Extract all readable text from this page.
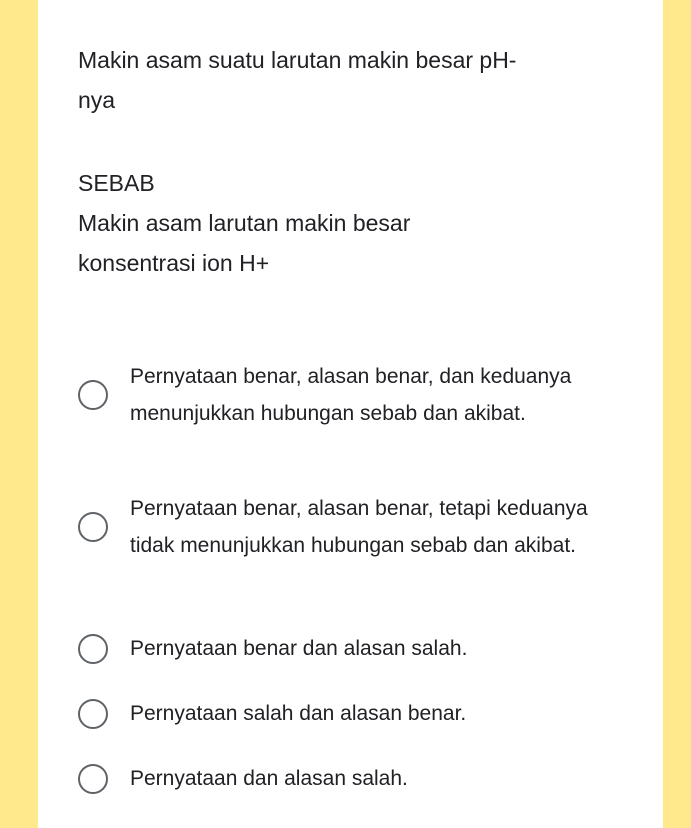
Makin asam suatu larutan makin besar pH-
nya
SEBAB
Makin asam larutan makin besar
konsentrasi ion H+
Pernyataan benar, alasan benar, dan keduanya menunjukkan hubungan sebab dan akibat.
Pernyataan benar, alasan benar, tetapi keduanya tidak menunjukkan hubungan sebab dan akibat.
Pernyataan benar dan alasan salah.
Pernyataan salah dan alasan benar.
Pernyataan dan alasan salah.
